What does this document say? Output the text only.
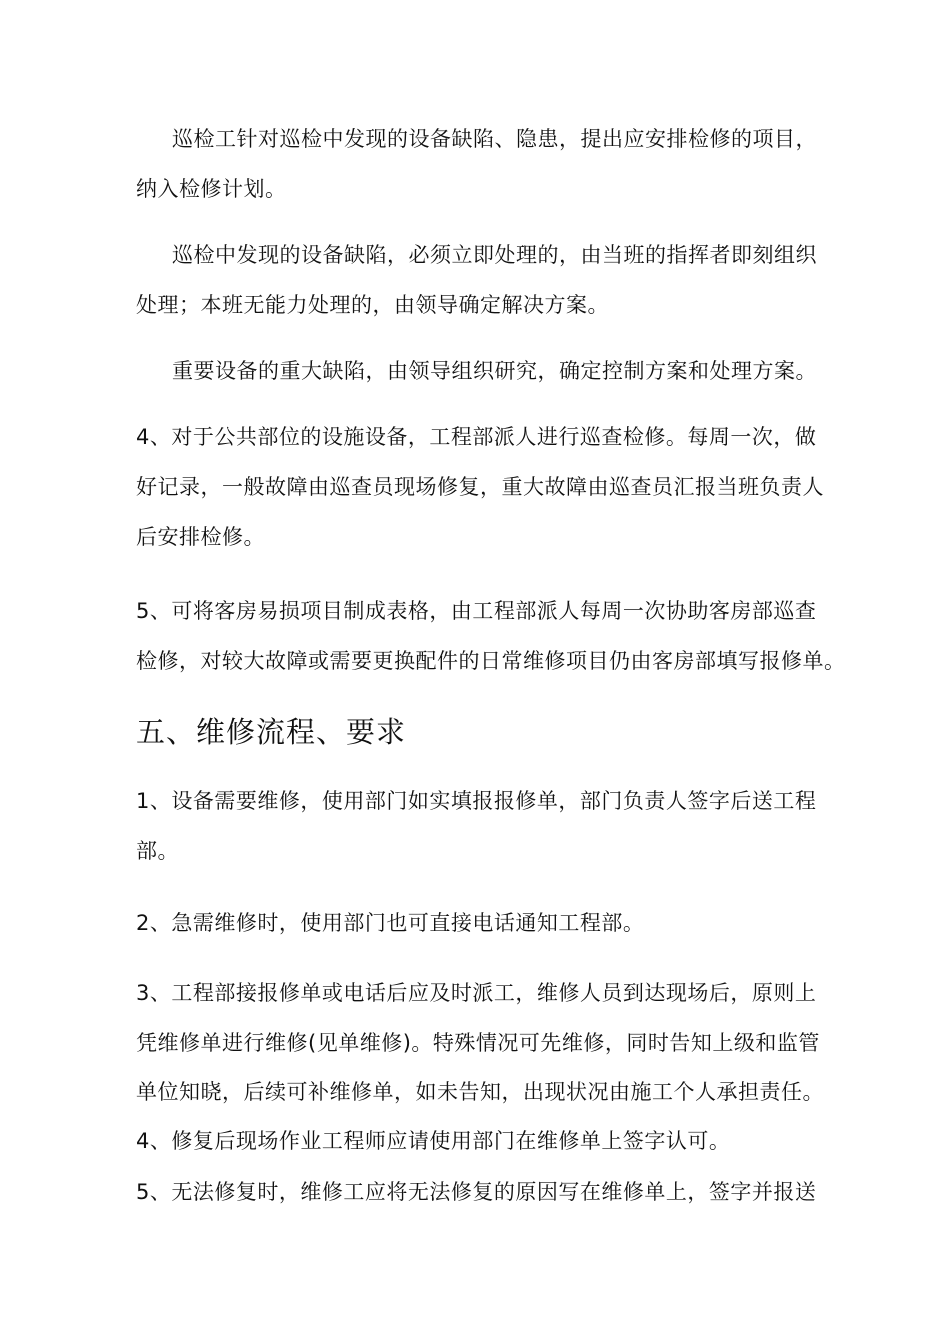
巡检工针对巡检中发现的设备缺陷、隐患，提出应安排检修的项目，
纳入检修计划。
巡检中发现的设备缺陷，必须立即处理的，由当班的指挥者即刻组织
处理；本班无能力处理的，由领导确定解决方案。
重要设备的重大缺陷，由领导组织研究，确定控制方案和处理方案。
4、对于公共部位的设施设备，工程部派人进行巡查检修。每周一次，做
好记录，一般故障由巡查员现场修复，重大故障由巡查员汇报当班负责人
后安排检修。
5、可将客房易损项目制成表格，由工程部派人每周一次协助客房部巡查
检修，对较大故障或需要更换配件的日常维修项目仍由客房部填写报修单。
五、维修流程、要求
1、设备需要维修，使用部门如实填报报修单，部门负责人签字后送工程
部。
2、急需维修时，使用部门也可直接电话通知工程部。
3、工程部接报修单或电话后应及时派工，维修人员到达现场后，原则上
凭维修单进行维修(见单维修)。特殊情况可先维修，同时告知上级和监管
单位知晓，后续可补维修单，如未告知，出现状况由施工个人承担责任。
4、修复后现场作业工程师应请使用部门在维修单上签字认可。
5、无法修复时，维修工应将无法修复的原因写在维修单上，签字并报送
